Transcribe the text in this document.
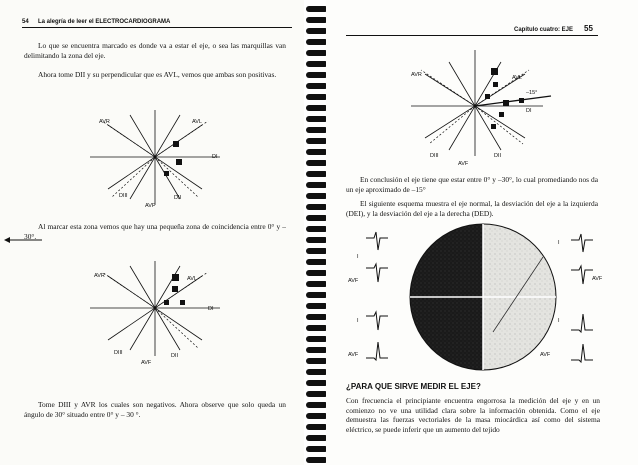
54 La alegría de leer el ELECTROCARDIOGRAMA
Lo que se encuentra marcado es donde va a estar el eje, o sea las marquillas van delimitando la zona del eje.
Ahora tome DII y su perpendicular que es AVL, vemos que ambas son positivas.
AVR	AVL
DI
DIII
AVF
DII
Al marcar esta zona vemos que hay una pequeña zona de coincidencia entre 0° y – 30°.
AVR	AVL
DI
DIII
AVF
DII
Tome DIII y AVR los cuales son negativos. Ahora observe que solo queda un ángulo de 30° situado entre 0° y – 30 °.
Capítulo cuatro: EJE 55
AVR	AVL
–15°
DI
DIII
AVF
DII
En conclusión el eje tiene que estar entre 0° y –30°, lo cual promediando nos da un eje aproximado de –15°
El siguiente esquema muestra el eje normal, la desviación del eje a la izquierda (DEI), y la desviación del eje a la derecha (DED).
I
AVF
I
AVF
I
AVF
I
AVF
¿PARA QUE SIRVE MEDIR EL EJE?
Con frecuencia el principiante encuentra engorrosa la medición del eje y en un comienzo no ve una utilidad clara sobre la información obtenida. Como el eje demuestra las fuerzas vectoriales de la masa miocárdica así como del sistema eléctrico, se puede inferir que un aumento del tejido
